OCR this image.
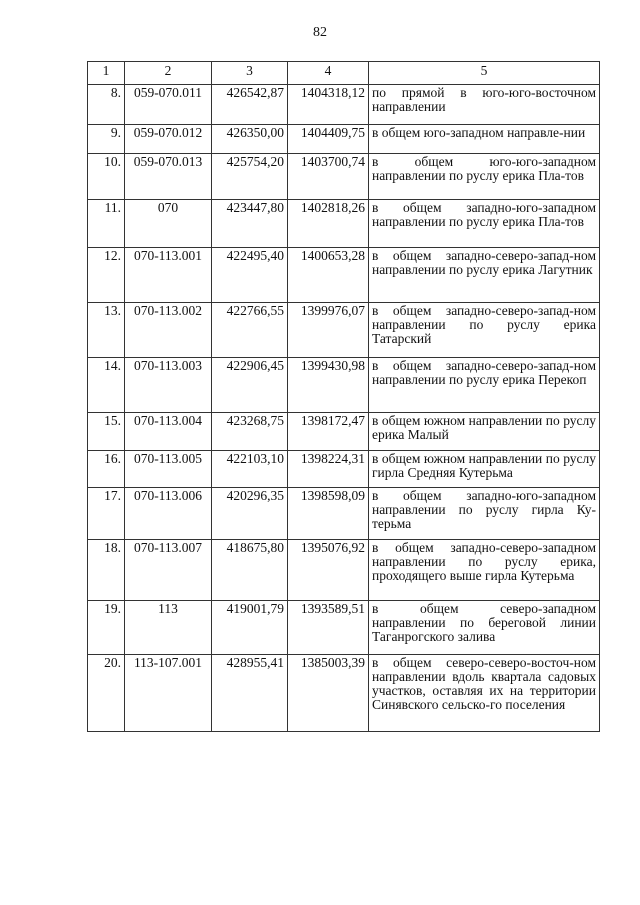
82
1	2	3	4	5
8.	059-070.011	426542,87	1404318,12	по прямой в юго-юго-восточном направлении
9.	059-070.012	426350,00	1404409,75	в общем юго-западном направле-нии
10.	059-070.013	425754,20	1403700,74	в общем юго-юго-западном направлении по руслу ерика Пла-тов
11.	070	423447,80	1402818,26	в общем западно-юго-западном направлении по руслу ерика Пла-тов
12.	070-113.001	422495,40	1400653,28	в общем западно-северо-запад-ном направлении по руслу ерика Лагутник
13.	070-113.002	422766,55	1399976,07	в общем западно-северо-запад-ном направлении по руслу ерика Татарский
14.	070-113.003	422906,45	1399430,98	в общем западно-северо-запад-ном направлении по руслу ерика Перекоп
15.	070-113.004	423268,75	1398172,47	в общем южном направлении по руслу ерика Малый
16.	070-113.005	422103,10	1398224,31	в общем южном направлении по руслу гирла Средняя Кутерьма
17.	070-113.006	420296,35	1398598,09	в общем западно-юго-западном направлении по руслу гирла Ку-терьма
18.	070-113.007	418675,80	1395076,92	в общем западно-северо-западном направлении по руслу ерика, проходящего выше гирла Кутерьма
19.	113	419001,79	1393589,51	в общем северо-западном направлении по береговой линии Таганрогского залива
20.	113-107.001	428955,41	1385003,39	в общем северо-северо-восточ-ном направлении вдоль квартала садовых участков, оставляя их на территории Синявского сельско-го поселения
